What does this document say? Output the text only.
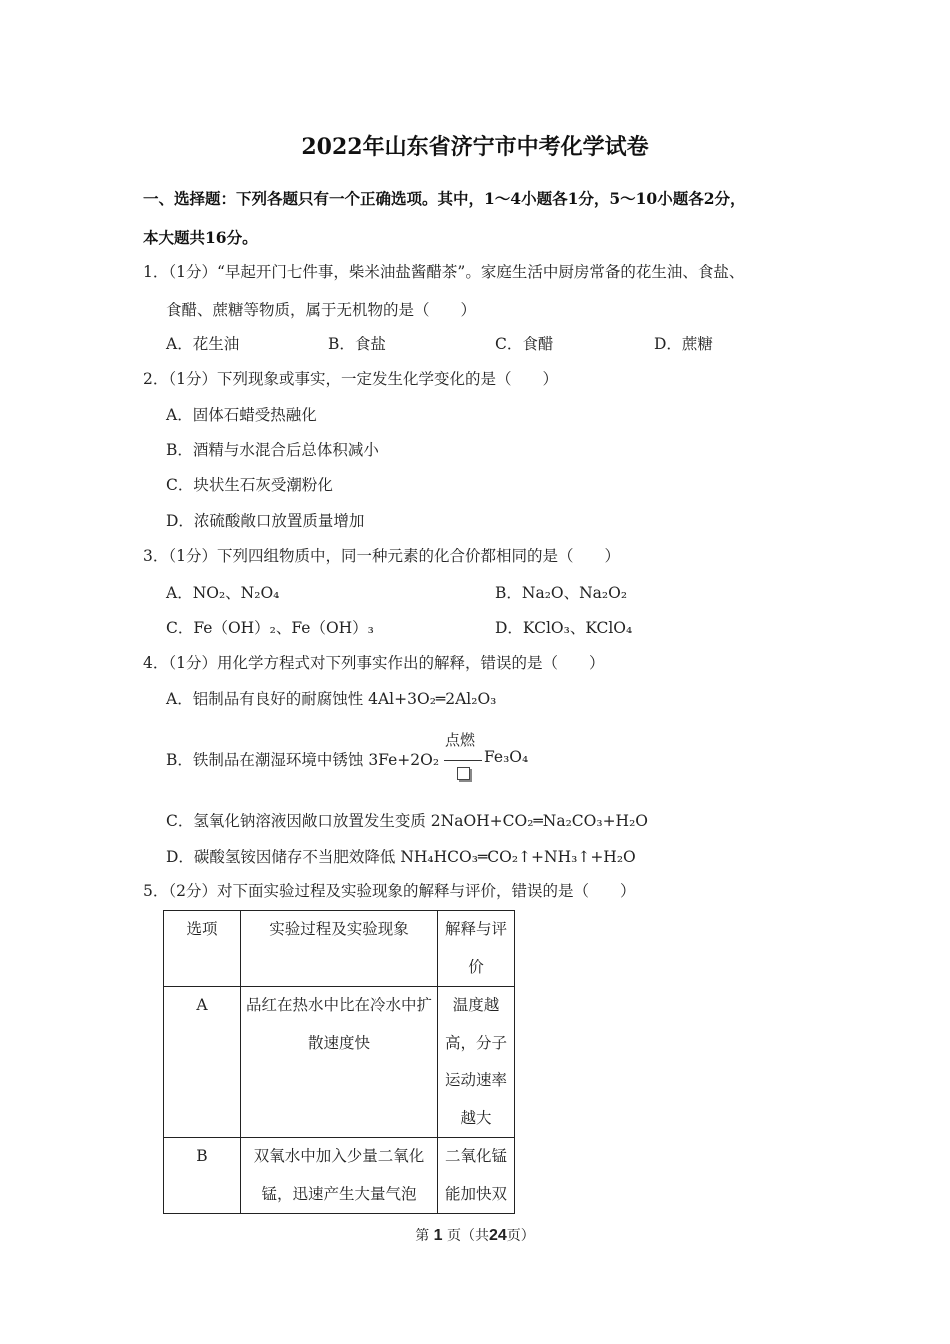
2022年山东省济宁市中考化学试卷
一、选择题：下列各题只有一个正确选项。其中，1～4小题各1分，5～10小题各2分，
本大题共16分。
1．（1分）“早起开门七件事，柴米油盐酱醋茶”。家庭生活中厨房常备的花生油、食盐、
食醋、蔗糖等物质，属于无机物的是（　　）
A．花生油	B．食盐	C．食醋	D．蔗糖
2．（1分）下列现象或事实，一定发生化学变化的是（　　）
A．固体石蜡受热融化
B．酒精与水混合后总体积减小
C．块状生石灰受潮粉化
D．浓硫酸敞口放置质量增加
3．（1分）下列四组物质中，同一种元素的化合价都相同的是（　　）
A．NO₂、N₂O₄	B．Na₂O、Na₂O₂
C．Fe（OH）₂、Fe（OH）₃	D．KClO₃、KClO₄
4．（1分）用化学方程式对下列事实作出的解释，错误的是（　　）
A．铝制品有良好的耐腐蚀性 4Al+3O₂═2Al₂O₃
B．铁制品在潮湿环境中锈蚀 3Fe+2O₂
点燃
Fe₃O₄
C．氢氧化钠溶液因敞口放置发生变质 2NaOH+CO₂═Na₂CO₃+H₂O
D．碳酸氢铵因储存不当肥效降低 NH₄HCO₃═CO₂↑+NH₃↑+H₂O
5．（2分）对下面实验过程及实验现象的解释与评价，错误的是（　　）
选项	实验过程及实验现象	解释与评价
A	品红在热水中比在冷水中扩散速度快	温度越高，分子运动速率越大
B	双氧水中加入少量二氧化锰，迅速产生大量气泡	二氧化锰能加快双
第 1 页（共24页）
